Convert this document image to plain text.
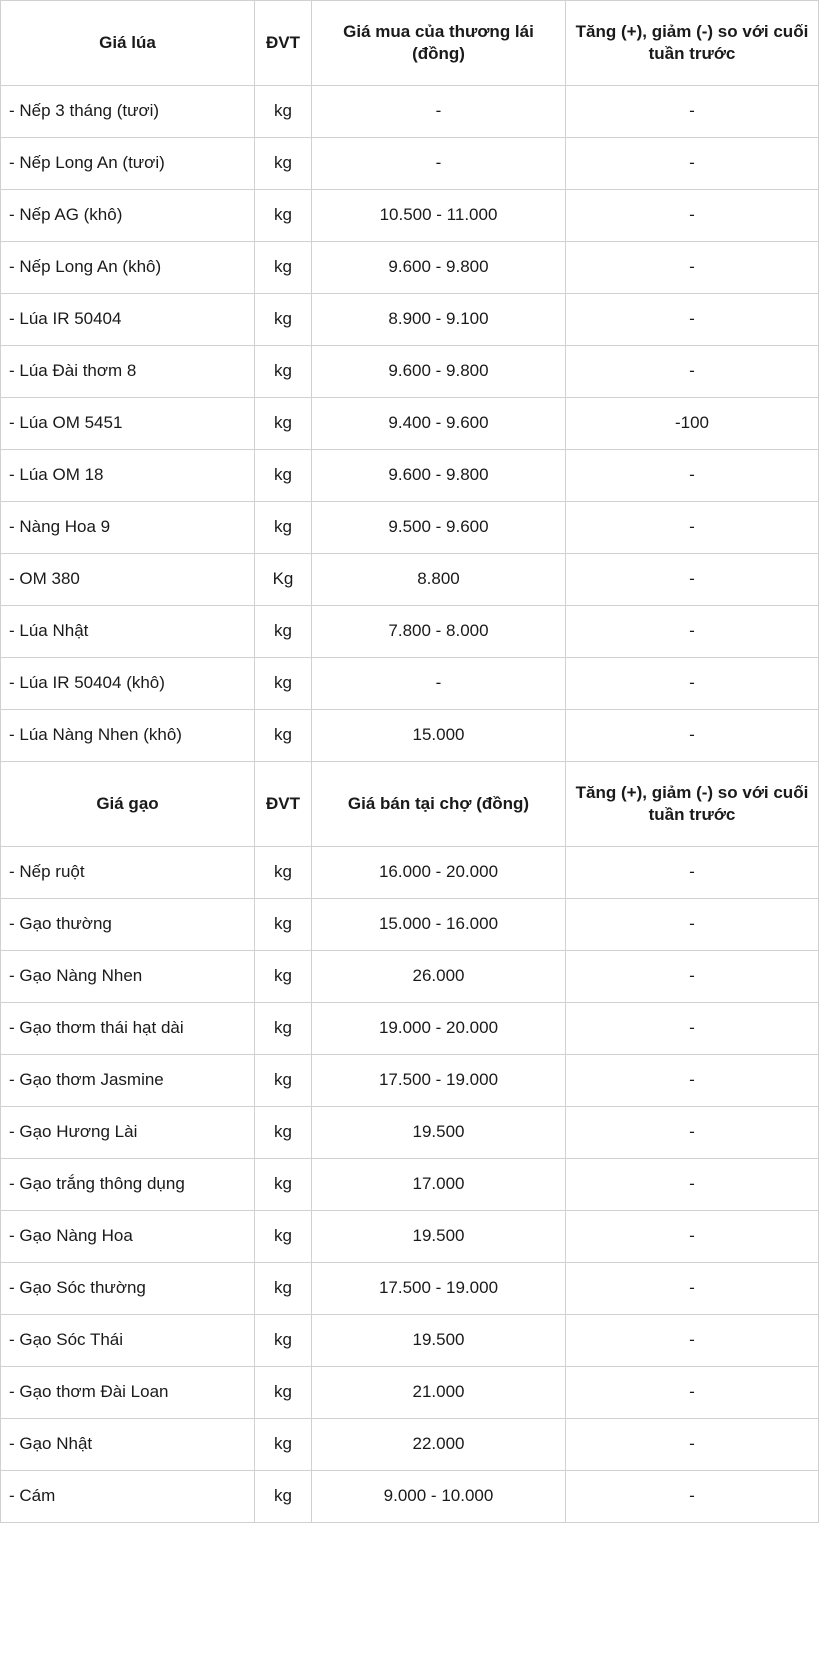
Giá lúa	ĐVT	Giá mua của thương lái (đồng)	Tăng (+), giảm (-) so với cuối tuần trước
- Nếp 3 tháng (tươi)	kg	-	-
- Nếp Long An (tươi)	kg	-	-
- Nếp AG (khô)	kg	10.500 - 11.000	-
- Nếp Long An (khô)	kg	9.600 - 9.800	-
- Lúa IR 50404	kg	8.900 - 9.100	-
- Lúa Đài thơm 8	kg	9.600 - 9.800	-
- Lúa OM 5451	kg	9.400 - 9.600	-100
- Lúa OM 18	kg	9.600 - 9.800	-
- Nàng Hoa 9	kg	9.500 - 9.600	-
- OM 380	Kg	8.800	-
- Lúa Nhật	kg	7.800 - 8.000	-
- Lúa IR 50404 (khô)	kg	-	-
- Lúa Nàng Nhen (khô)	kg	15.000	-
Giá gạo	ĐVT	Giá bán tại chợ (đồng)	Tăng (+), giảm (-) so với cuối tuần trước
- Nếp ruột	kg	16.000 - 20.000	-
- Gạo thường	kg	15.000 - 16.000	-
- Gạo Nàng Nhen	kg	26.000	-
- Gạo thơm thái hạt dài	kg	19.000 - 20.000	-
- Gạo thơm Jasmine	kg	17.500 - 19.000	-
- Gạo Hương Lài	kg	19.500	-
- Gạo trắng thông dụng	kg	17.000	-
- Gạo Nàng Hoa	kg	19.500	-
- Gạo Sóc thường	kg	17.500 - 19.000	-
- Gạo Sóc Thái	kg	19.500	-
- Gạo thơm Đài Loan	kg	21.000	-
- Gạo Nhật	kg	22.000	-
- Cám	kg	9.000 - 10.000	-
